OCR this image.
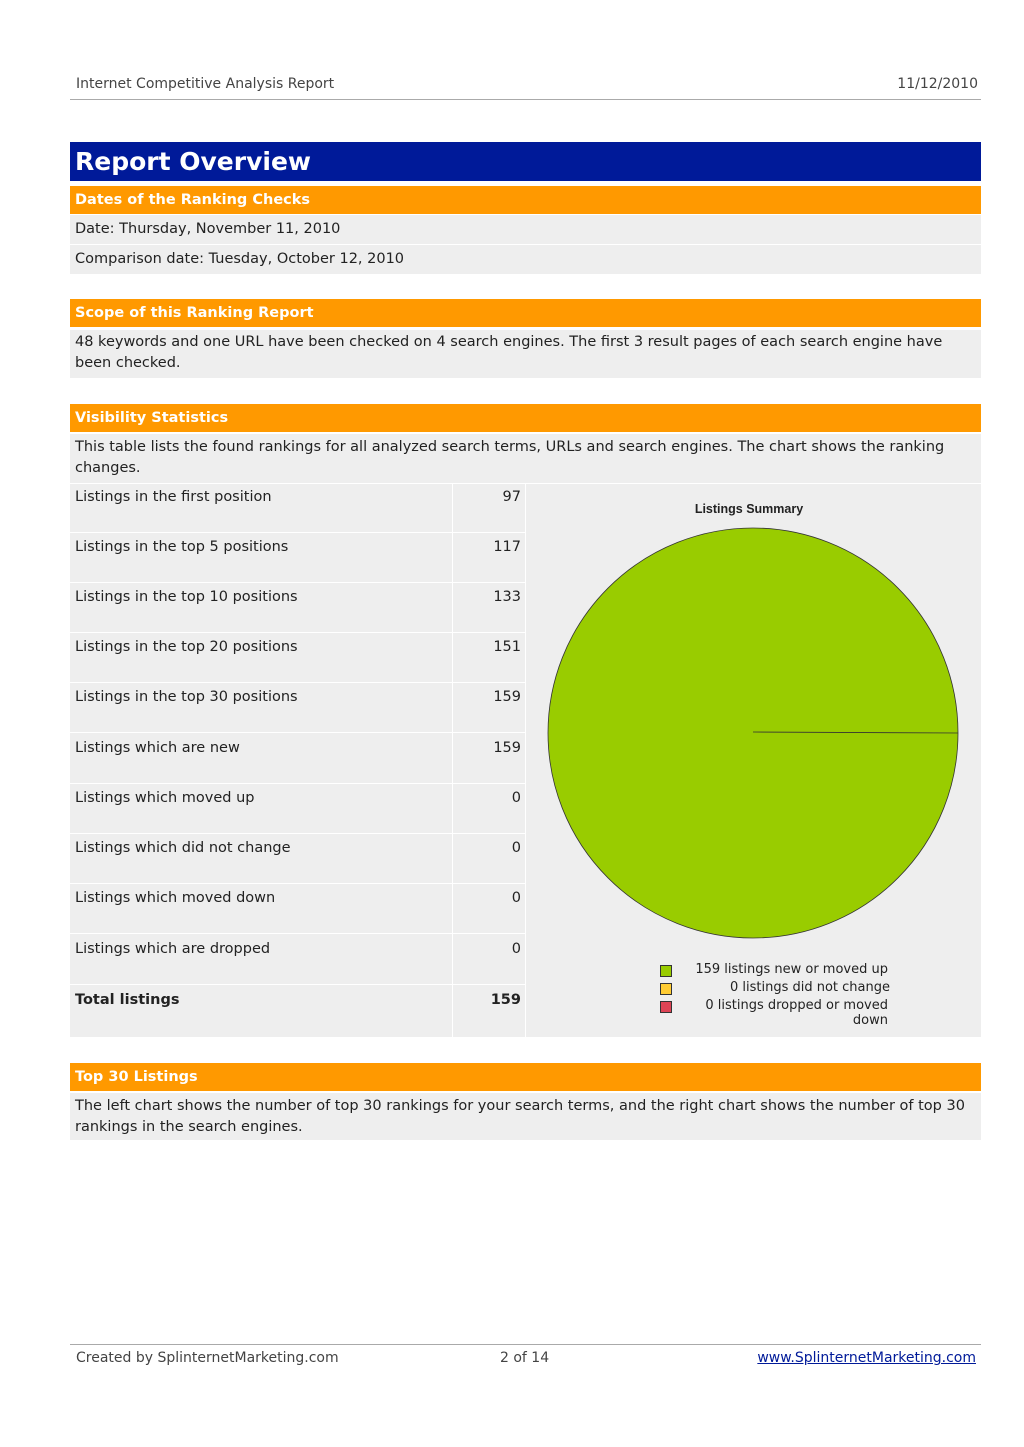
Internet Competitive Analysis Report	11/12/2010
Report Overview
Dates of the Ranking Checks
Date: Thursday, November 11, 2010
Comparison date: Tuesday, October 12, 2010
Scope of this Ranking Report
48 keywords and one URL have been checked on 4 search engines. The first 3 result pages of each search engine have been checked.
Visibility Statistics
This table lists the found rankings for all analyzed search terms, URLs and search engines. The chart shows the ranking changes.
Listings in the first position	97
Listings in the top 5 positions	117
Listings in the top 10 positions	133
Listings in the top 20 positions	151
Listings in the top 30 positions	159
Listings which are new	159
Listings which moved up	0
Listings which did not change	0
Listings which moved down	0
Listings which are dropped	0
Total listings	159
Listings Summary
159 listings new or moved up
0 listings did not change
0 listings dropped or moved down
Top 30 Listings
The left chart shows the number of top 30 rankings for your search terms, and the right chart shows the number of top 30 rankings in the search engines.
Created by SplinternetMarketing.com	2 of 14	www.SplinternetMarketing.com
